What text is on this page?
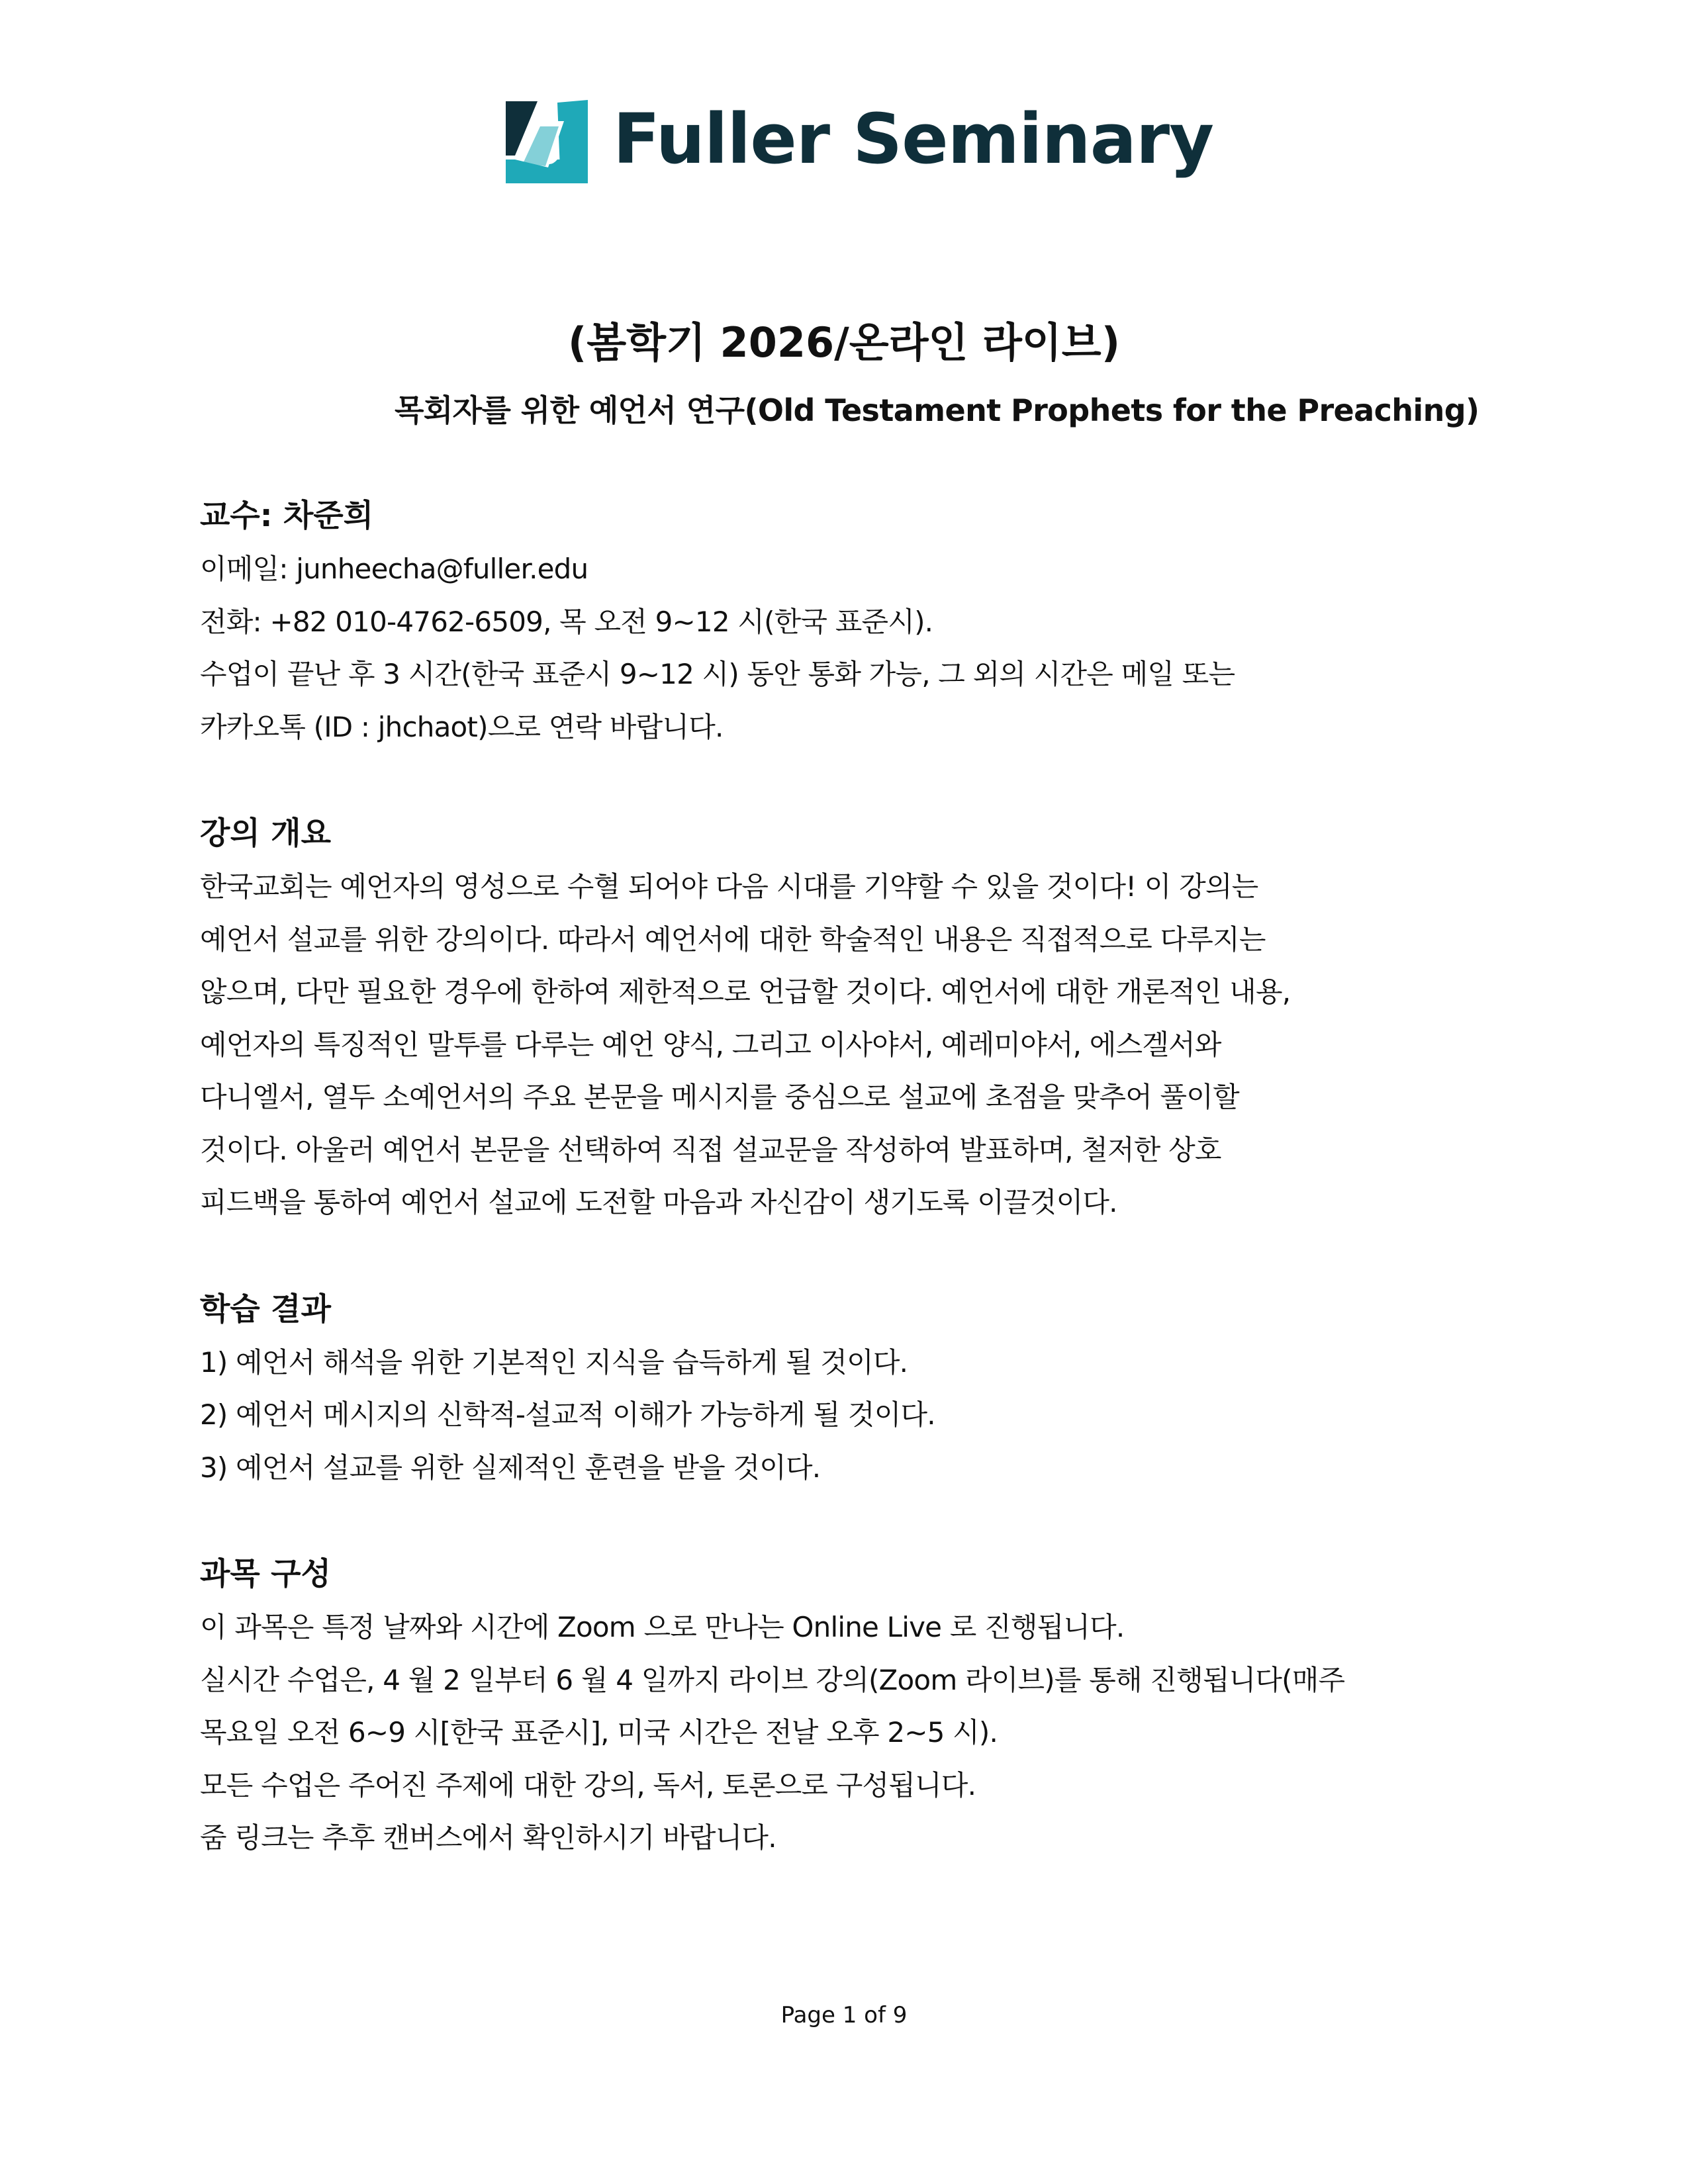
Fuller Seminary
(봄학기 2026/온라인 라이브)
목회자를 위한 예언서 연구(Old Testament Prophets for the Preaching)

교수: 차준희

이메일: junheecha@fuller.edu

전화: +82 010-4762-6509, 목 오전 9~12 시(한국 표준시).

수업이 끝난 후 3 시간(한국 표준시 9~12 시) 동안 통화 가능, 그 외의 시간은 메일 또는

카카오톡 (ID : jhchaot)으로 연락 바랍니다.

강의 개요

한국교회는 예언자의 영성으로 수혈 되어야 다음 시대를 기약할 수 있을 것이다! 이 강의는

예언서 설교를 위한 강의이다. 따라서 예언서에 대한 학술적인 내용은 직접적으로 다루지는

않으며, 다만 필요한 경우에 한하여 제한적으로 언급할 것이다. 예언서에 대한 개론적인 내용,

예언자의 특징적인 말투를 다루는 예언 양식, 그리고 이사야서, 예레미야서, 에스겔서와

다니엘서, 열두 소예언서의 주요 본문을 메시지를 중심으로 설교에 초점을 맞추어 풀이할

것이다. 아울러 예언서 본문을 선택하여 직접 설교문을 작성하여 발표하며, 철저한 상호

피드백을 통하여 예언서 설교에 도전할 마음과 자신감이 생기도록 이끌것이다.

학습 결과

1) 예언서 해석을 위한 기본적인 지식을 습득하게 될 것이다.

2) 예언서 메시지의 신학적-설교적 이해가 가능하게 될 것이다.

3) 예언서 설교를 위한 실제적인 훈련을 받을 것이다.

과목 구성

이 과목은 특정 날짜와 시간에 Zoom 으로 만나는 Online Live 로 진행됩니다.

실시간 수업은, 4 월 2 일부터 6 월 4 일까지 라이브 강의(Zoom 라이브)를 통해 진행됩니다(매주

목요일 오전 6~9 시[한국 표준시], 미국 시간은 전날 오후 2~5 시).

모든 수업은 주어진 주제에 대한 강의, 독서, 토론으로 구성됩니다.

줌 링크는 추후 캔버스에서 확인하시기 바랍니다.

Page 1 of 9
